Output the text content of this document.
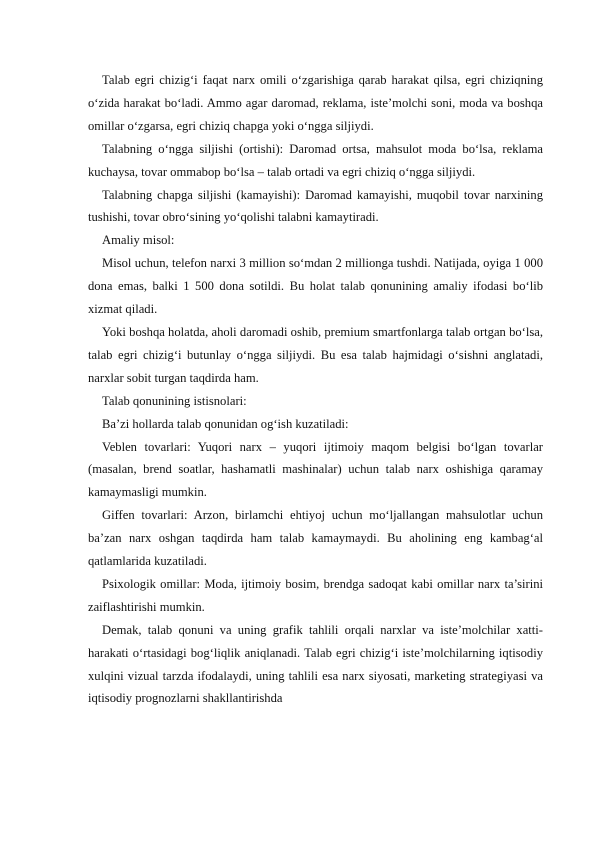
Talab egri chizig‘i faqat narx omili o‘zgarishiga qarab harakat qilsa, egri chiziqning o‘zida harakat bo‘ladi. Ammo agar daromad, reklama, iste’molchi soni, moda va boshqa omillar o‘zgarsa, egri chiziq chapga yoki o‘ngga siljiydi.

Talabning o‘ngga siljishi (ortishi): Daromad ortsa, mahsulot moda bo‘lsa, reklama kuchaysa, tovar ommabop bo‘lsa – talab ortadi va egri chiziq o‘ngga siljiydi.

Talabning chapga siljishi (kamayishi): Daromad kamayishi, muqobil tovar narxining tushishi, tovar obro‘sining yo‘qolishi talabni kamaytiradi.

Amaliy misol:

Misol uchun, telefon narxi 3 million so‘mdan 2 millionga tushdi. Natijada, oyiga 1 000 dona emas, balki 1 500 dona sotildi. Bu holat talab qonunining amaliy ifodasi bo‘lib xizmat qiladi.

Yoki boshqa holatda, aholi daromadi oshib, premium smartfonlarga talab ortgan bo‘lsa, talab egri chizig‘i butunlay o‘ngga siljiydi. Bu esa talab hajmidagi o‘sishni anglatadi, narxlar sobit turgan taqdirda ham.

Talab qonunining istisnolari:

Ba’zi hollarda talab qonunidan og‘ish kuzatiladi:

Veblen tovarlari: Yuqori narx – yuqori ijtimoiy maqom belgisi bo‘lgan tovarlar (masalan, brend soatlar, hashamatli mashinalar) uchun talab narx oshishiga qaramay kamaymasligi mumkin.

Giffen tovarlari: Arzon, birlamchi ehtiyoj uchun mo‘ljallangan mahsulotlar uchun ba’zan narx oshgan taqdirda ham talab kamaymaydi. Bu aholining eng kambag‘al qatlamlarida kuzatiladi.

Psixologik omillar: Moda, ijtimoiy bosim, brendga sadoqat kabi omillar narx ta’sirini zaiflashtirishi mumkin.

Demak, talab qonuni va uning grafik tahlili orqali narxlar va iste’molchilar xatti-harakati o‘rtasidagi bog‘liqlik aniqlanadi. Talab egri chizig‘i iste’molchilarning iqtisodiy xulqini vizual tarzda ifodalaydi, uning tahlili esa narx siyosati, marketing strategiyasi va iqtisodiy prognozlarni shakllantirishda
